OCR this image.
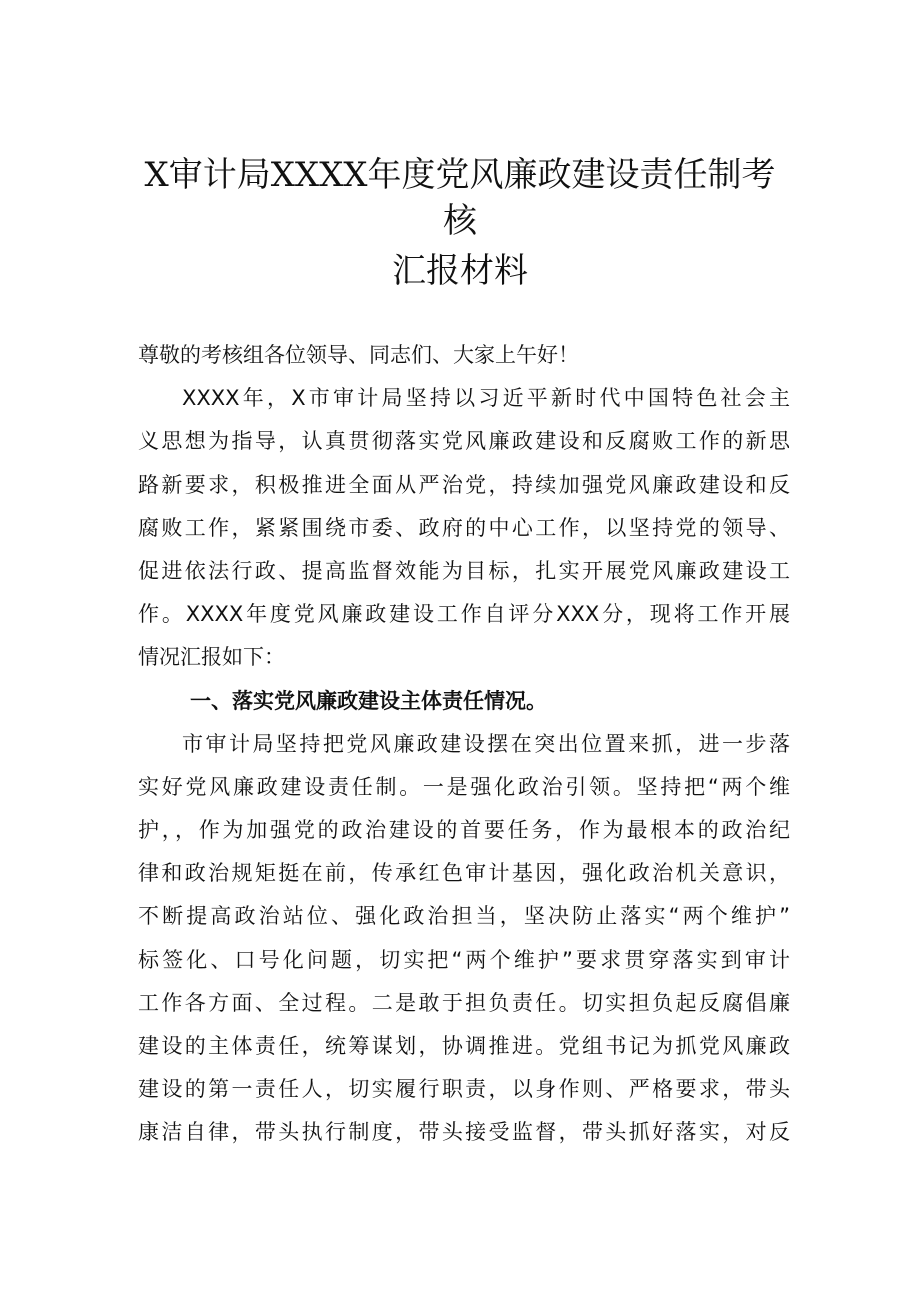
X审计局XXXX年度党风廉政建设责任制考
核
汇报材料
尊敬的考核组各位领导、同志们、大家上午好！
XXXX年，X市审计局坚持以习近平新时代中国特色社会主
义思想为指导，认真贯彻落实党风廉政建设和反腐败工作的新思
路新要求，积极推进全面从严治党，持续加强党风廉政建设和反
腐败工作，紧紧围绕市委、政府的中心工作，以坚持党的领导、
促进依法行政、提高监督效能为目标，扎实开展党风廉政建设工
作。XXXX年度党风廉政建设工作自评分XXX分，现将工作开展
情况汇报如下：
一、落实党风廉政建设主体责任情况。
市审计局坚持把党风廉政建设摆在突出位置来抓，进一步落
实好党风廉政建设责任制。一是强化政治引领。坚持把“两个维
护，，作为加强党的政治建设的首要任务，作为最根本的政治纪
律和政治规矩挺在前，传承红色审计基因，强化政治机关意识，
不断提高政治站位、强化政治担当，坚决防止落实“两个维护”
标签化、口号化问题，切实把“两个维护”要求贯穿落实到审计
工作各方面、全过程。二是敢于担负责任。切实担负起反腐倡廉
建设的主体责任，统筹谋划，协调推进。党组书记为抓党风廉政
建设的第一责任人，切实履行职责，以身作则、严格要求，带头
康洁自律，带头执行制度，带头接受监督，带头抓好落实，对反
